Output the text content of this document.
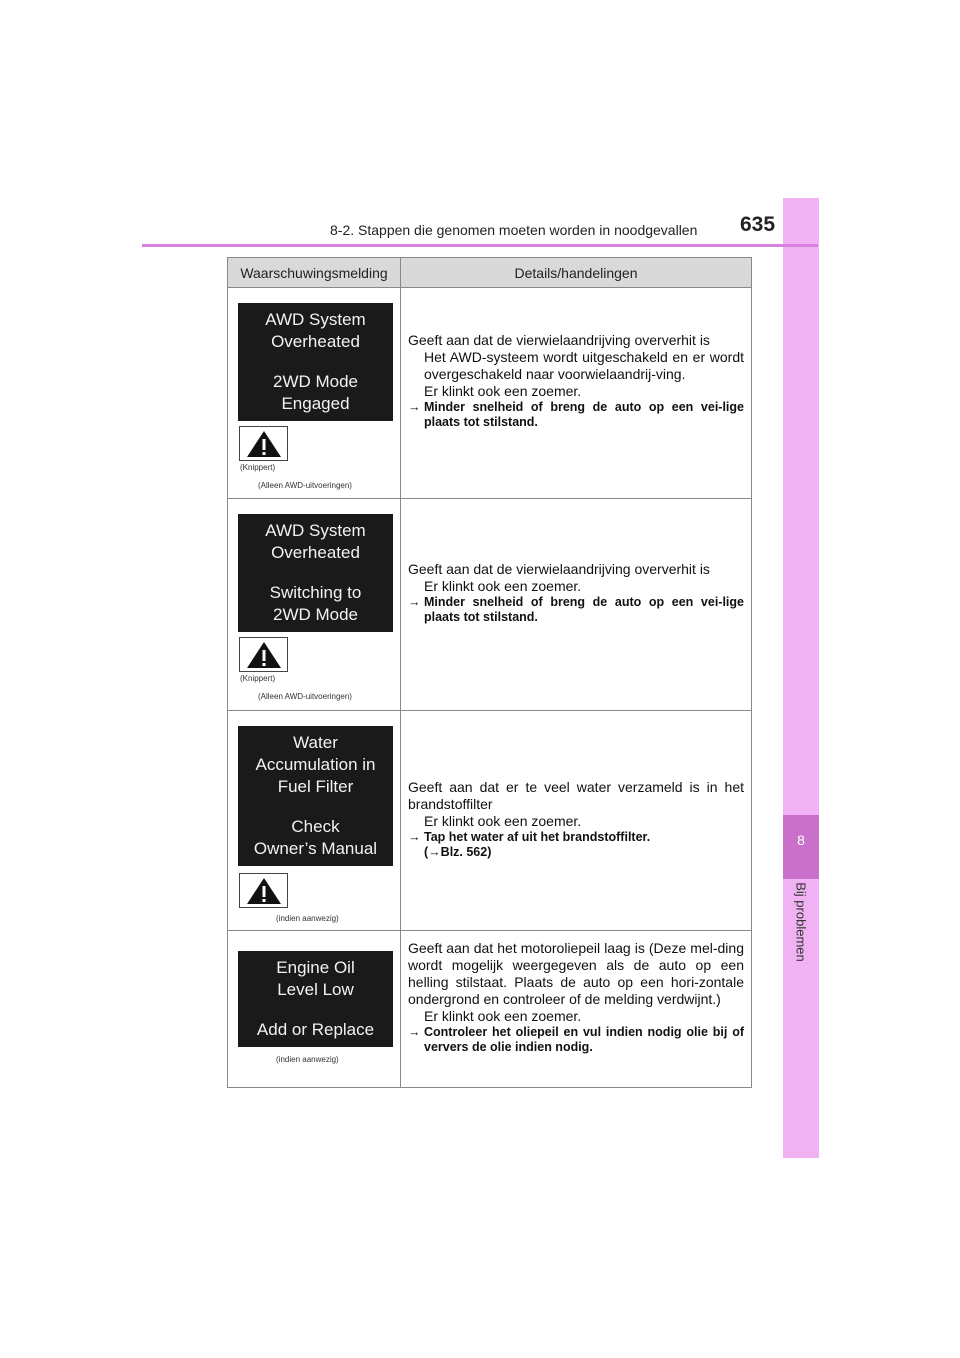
8
Bij problemen
8-2. Stappen die genomen moeten worden in noodgevallen 635
Waarschuwingsmelding	Details/handelingen
AWD System
Overheated
2WD Mode
Engaged
(Knippert)
(Alleen AWD-uitvoeringen)

Geeft aan dat de vierwielaandrijving oververhit is

Het AWD-systeem wordt uitgeschakeld en er wordt overgeschakeld naar voorwielaandrij-ving.

Er klinkt ook een zoemer.

→ Minder snelheid of breng de auto op een vei-lige plaats tot stilstand.

AWD System
Overheated
Switching to
2WD Mode
(Knippert)
(Alleen AWD-uitvoeringen)

Geeft aan dat de vierwielaandrijving oververhit is

Er klinkt ook een zoemer.

→ Minder snelheid of breng de auto op een vei-lige plaats tot stilstand.

Water
Accumulation in
Fuel Filter
Check
Owner’s Manual
(indien aanwezig)

Geeft aan dat er te veel water verzameld is in het brandstoffilter

Er klinkt ook een zoemer.

→ Tap het water af uit het brandstoffilter.
(→Blz. 562)

Engine Oil
Level Low
Add or Replace
(indien aanwezig)

Geeft aan dat het motoroliepeil laag is (Deze mel-ding wordt mogelijk weergegeven als de auto op een helling stilstaat. Plaats de auto op een hori-zontale ondergrond en controleer of de melding verdwijnt.)

Er klinkt ook een zoemer.

→ Controleer het oliepeil en vul indien nodig olie bij of ververs de olie indien nodig.
